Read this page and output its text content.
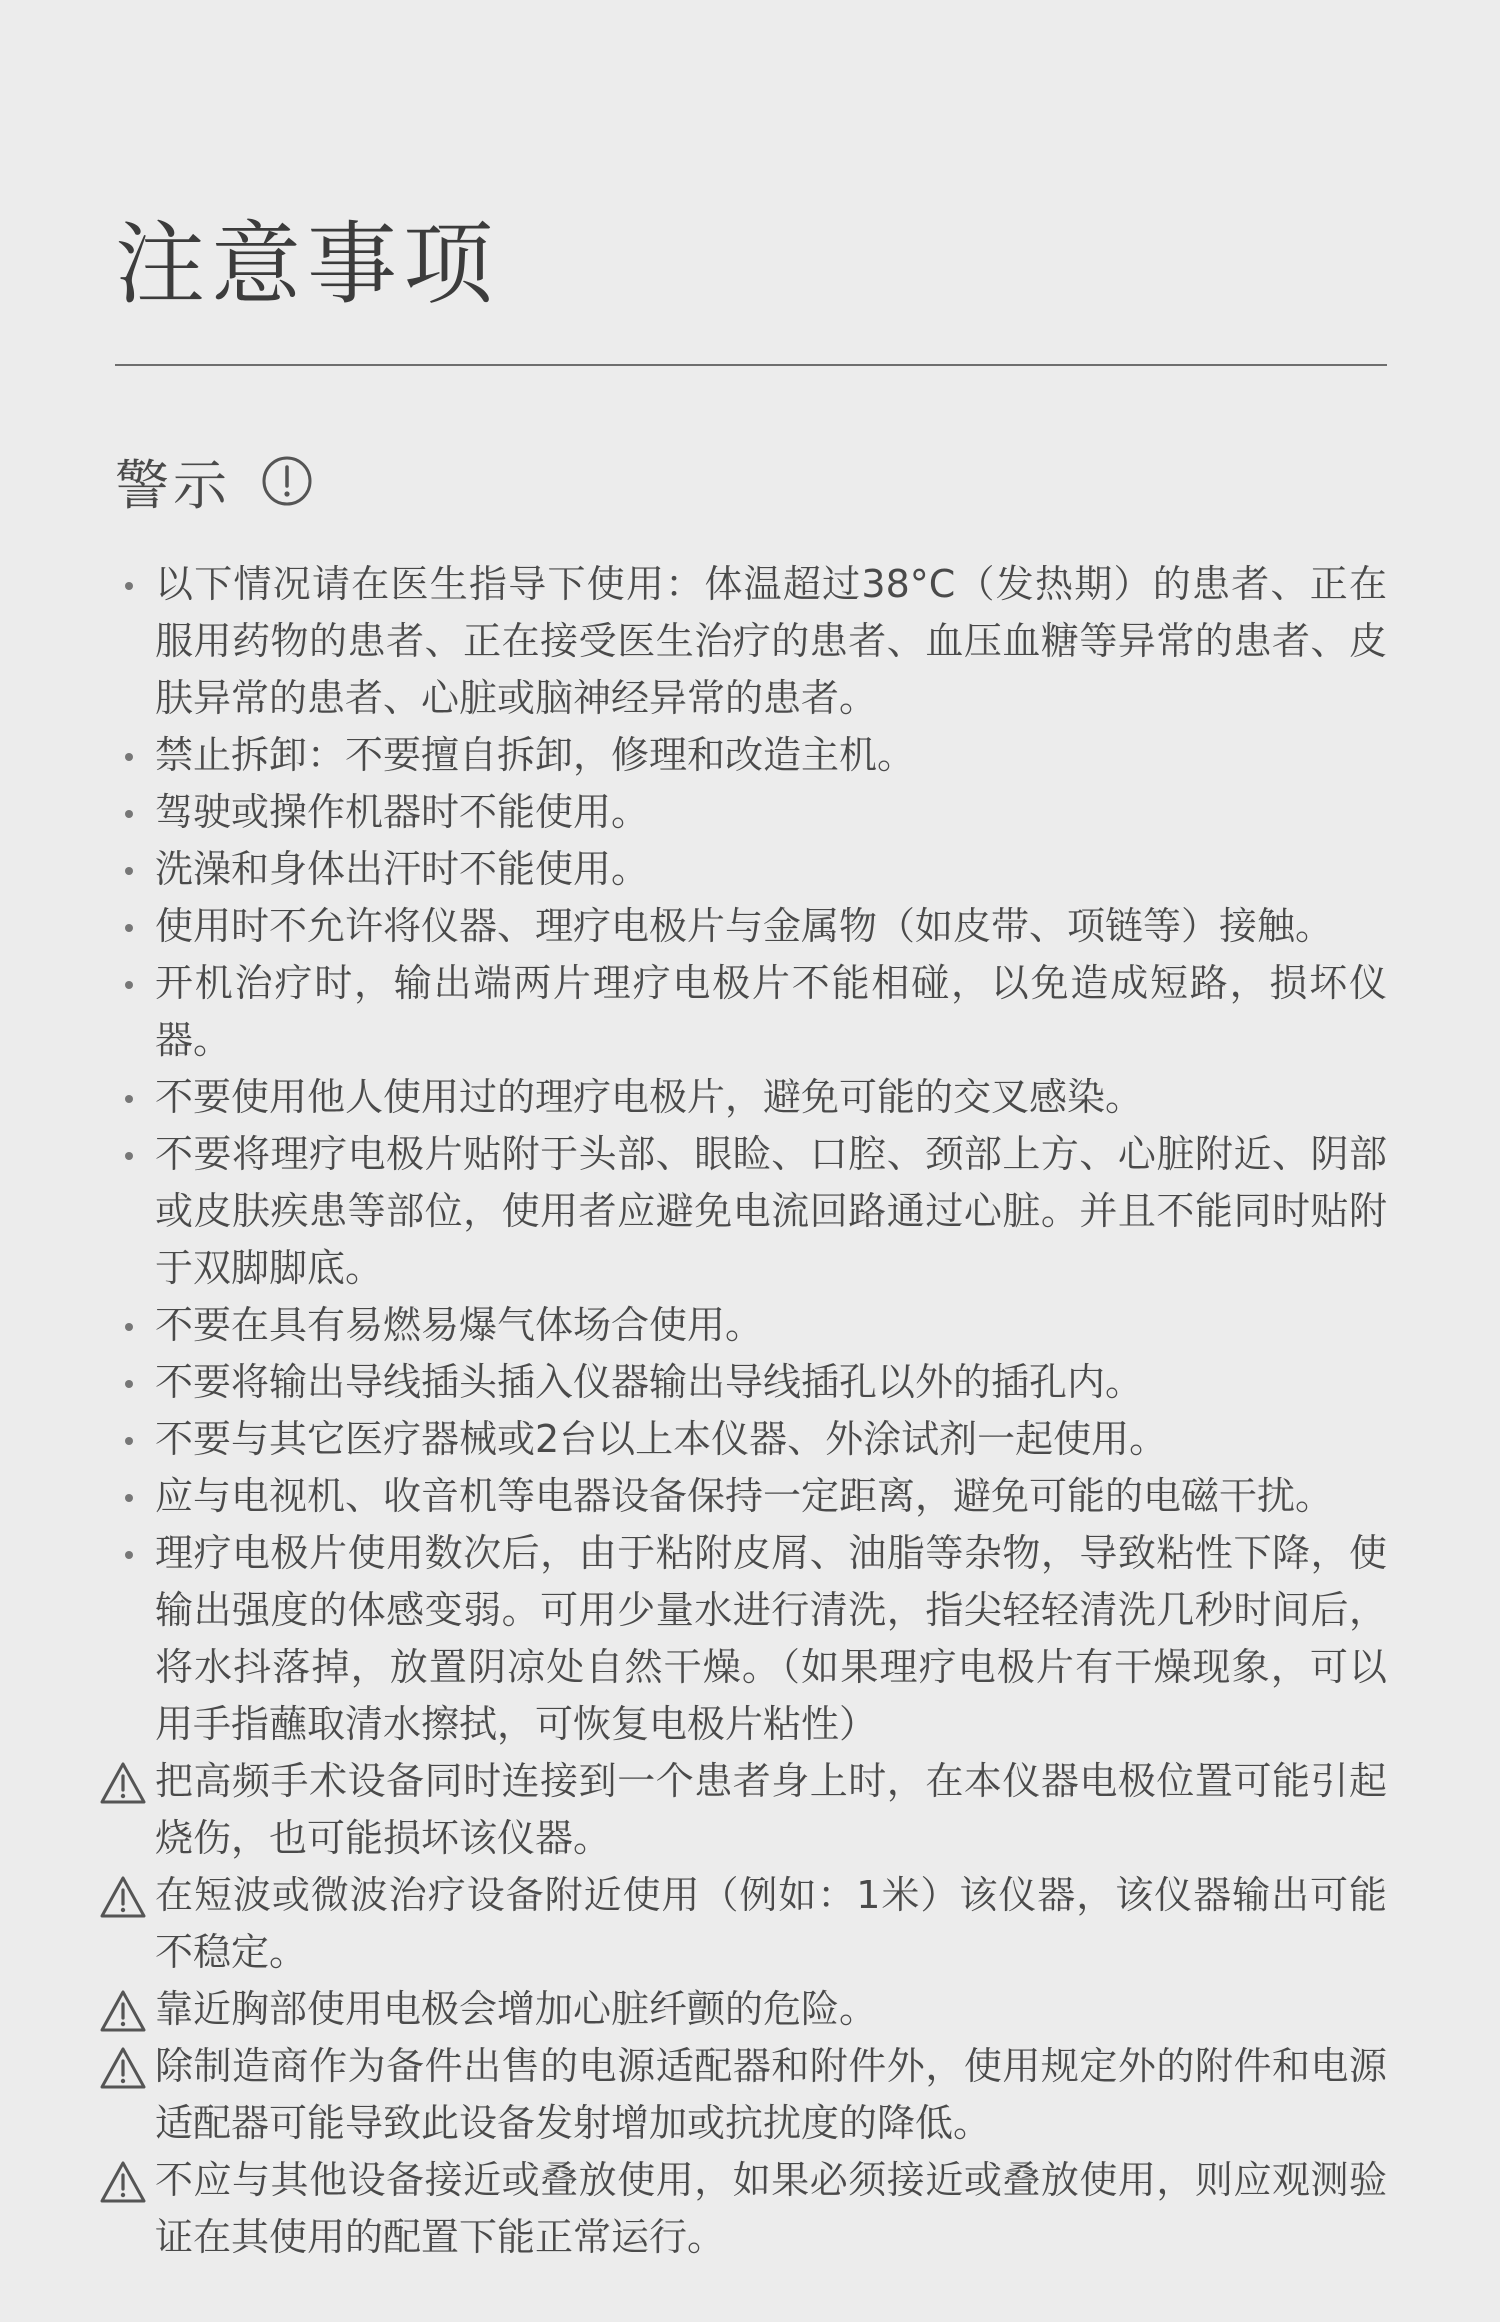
注意事项
警示
以下情况请在医生指导下使用：体温超过38°C（发热期）的患者、正在服用药物的患者、正在接受医生治疗的患者、血压血糖等异常的患者、皮肤异常的患者、心脏或脑神经异常的患者。
禁止拆卸：不要擅自拆卸，修理和改造主机。
驾驶或操作机器时不能使用。
洗澡和身体出汗时不能使用。
使用时不允许将仪器、理疗电极片与金属物（如皮带、项链等）接触。
开机治疗时，输出端两片理疗电极片不能相碰，以免造成短路，损坏仪器。
不要使用他人使用过的理疗电极片，避免可能的交叉感染。
不要将理疗电极片贴附于头部、眼睑、口腔、颈部上方、心脏附近、阴部或皮肤疾患等部位，使用者应避免电流回路通过心脏。并且不能同时贴附于双脚脚底。
不要在具有易燃易爆气体场合使用。
不要将输出导线插头插入仪器输出导线插孔以外的插孔内。
不要与其它医疗器械或2台以上本仪器、外涂试剂一起使用。
应与电视机、收音机等电器设备保持一定距离，避免可能的电磁干扰。
理疗电极片使用数次后，由于粘附皮屑、油脂等杂物，导致粘性下降，使输出强度的体感变弱。可用少量水进行清洗，指尖轻轻清洗几秒时间后，将水抖落掉，放置阴凉处自然干燥。（如果理疗电极片有干燥现象，可以用手指蘸取清水擦拭，可恢复电极片粘性）
把高频手术设备同时连接到一个患者身上时，在本仪器电极位置可能引起烧伤，也可能损坏该仪器。
在短波或微波治疗设备附近使用（例如：1米）该仪器，该仪器输出可能不稳定。
靠近胸部使用电极会增加心脏纤颤的危险。
除制造商作为备件出售的电源适配器和附件外，使用规定外的附件和电源适配器可能导致此设备发射增加或抗扰度的降低。
不应与其他设备接近或叠放使用，如果必须接近或叠放使用，则应观测验证在其使用的配置下能正常运行。
